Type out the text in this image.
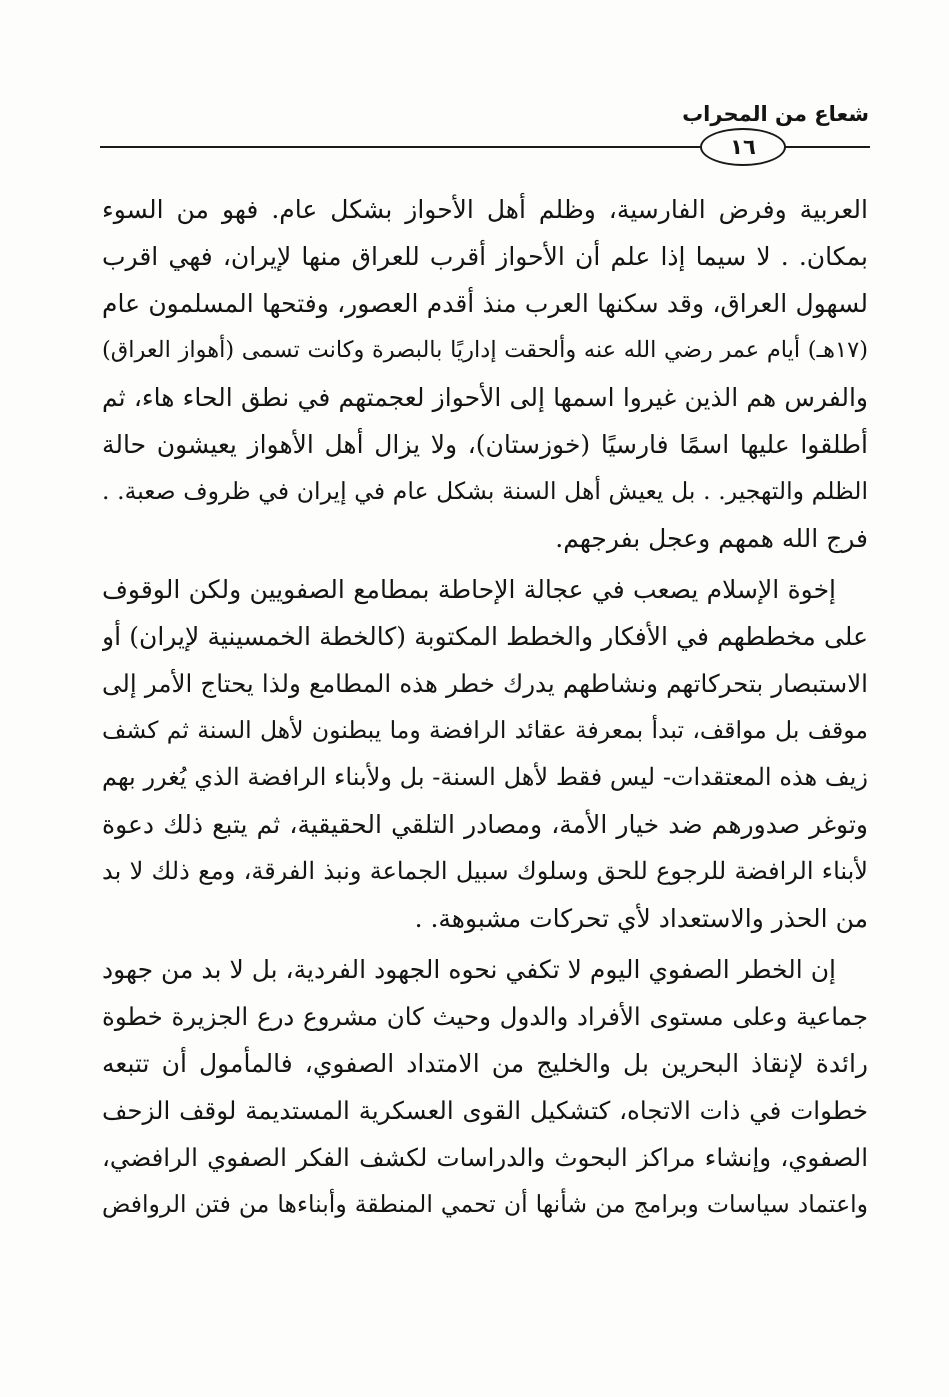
شعاع من المحراب
١٦
العربية وفرض الفارسية، وظلم أهل الأحواز بشكل عام. فهو من السوء
بمكان. . لا سيما إذا علم أن الأحواز أقرب للعراق منها لإيران، فهي اقرب
لسهول العراق، وقد سكنها العرب منذ أقدم العصور، وفتحها المسلمون عام
(١٧هـ) أيام عمر رضي الله عنه وألحقت إداريًا بالبصرة وكانت تسمى (أهواز العراق)
والفرس هم الذين غيروا اسمها إلى الأحواز لعجمتهم في نطق الحاء هاء، ثم
أطلقوا عليها اسمًا فارسيًا (خوزستان)، ولا يزال أهل الأهواز يعيشون حالة
الظلم والتهجير. . بل يعيش أهل السنة بشكل عام في إيران في ظروف صعبة. .
فرج الله همهم وعجل بفرجهم.
إخوة الإسلام يصعب في عجالة الإحاطة بمطامع الصفويين ولكن الوقوف
على مخططهم في الأفكار والخطط المكتوبة (كالخطة الخمسينية لإيران) أو
الاستبصار بتحركاتهم ونشاطهم يدرك خطر هذه المطامع ولذا يحتاج الأمر إلى
موقف بل مواقف، تبدأ بمعرفة عقائد الرافضة وما يبطنون لأهل السنة ثم كشف
زيف هذه المعتقدات- ليس فقط لأهل السنة- بل ولأبناء الرافضة الذي يُغرر بهم
وتوغر صدورهم ضد خيار الأمة، ومصادر التلقي الحقيقية، ثم يتبع ذلك دعوة
لأبناء الرافضة للرجوع للحق وسلوك سبيل الجماعة ونبذ الفرقة، ومع ذلك لا بد
من الحذر والاستعداد لأي تحركات مشبوهة. .
إن الخطر الصفوي اليوم لا تكفي نحوه الجهود الفردية، بل لا بد من جهود
جماعية وعلى مستوى الأفراد والدول وحيث كان مشروع درع الجزيرة خطوة
رائدة لإنقاذ البحرين بل والخليج من الامتداد الصفوي، فالمأمول أن تتبعه
خطوات في ذات الاتجاه، كتشكيل القوى العسكرية المستديمة لوقف الزحف
الصفوي، وإنشاء مراكز البحوث والدراسات لكشف الفكر الصفوي الرافضي،
واعتماد سياسات وبرامج من شأنها أن تحمي المنطقة وأبناءها من فتن الروافض
